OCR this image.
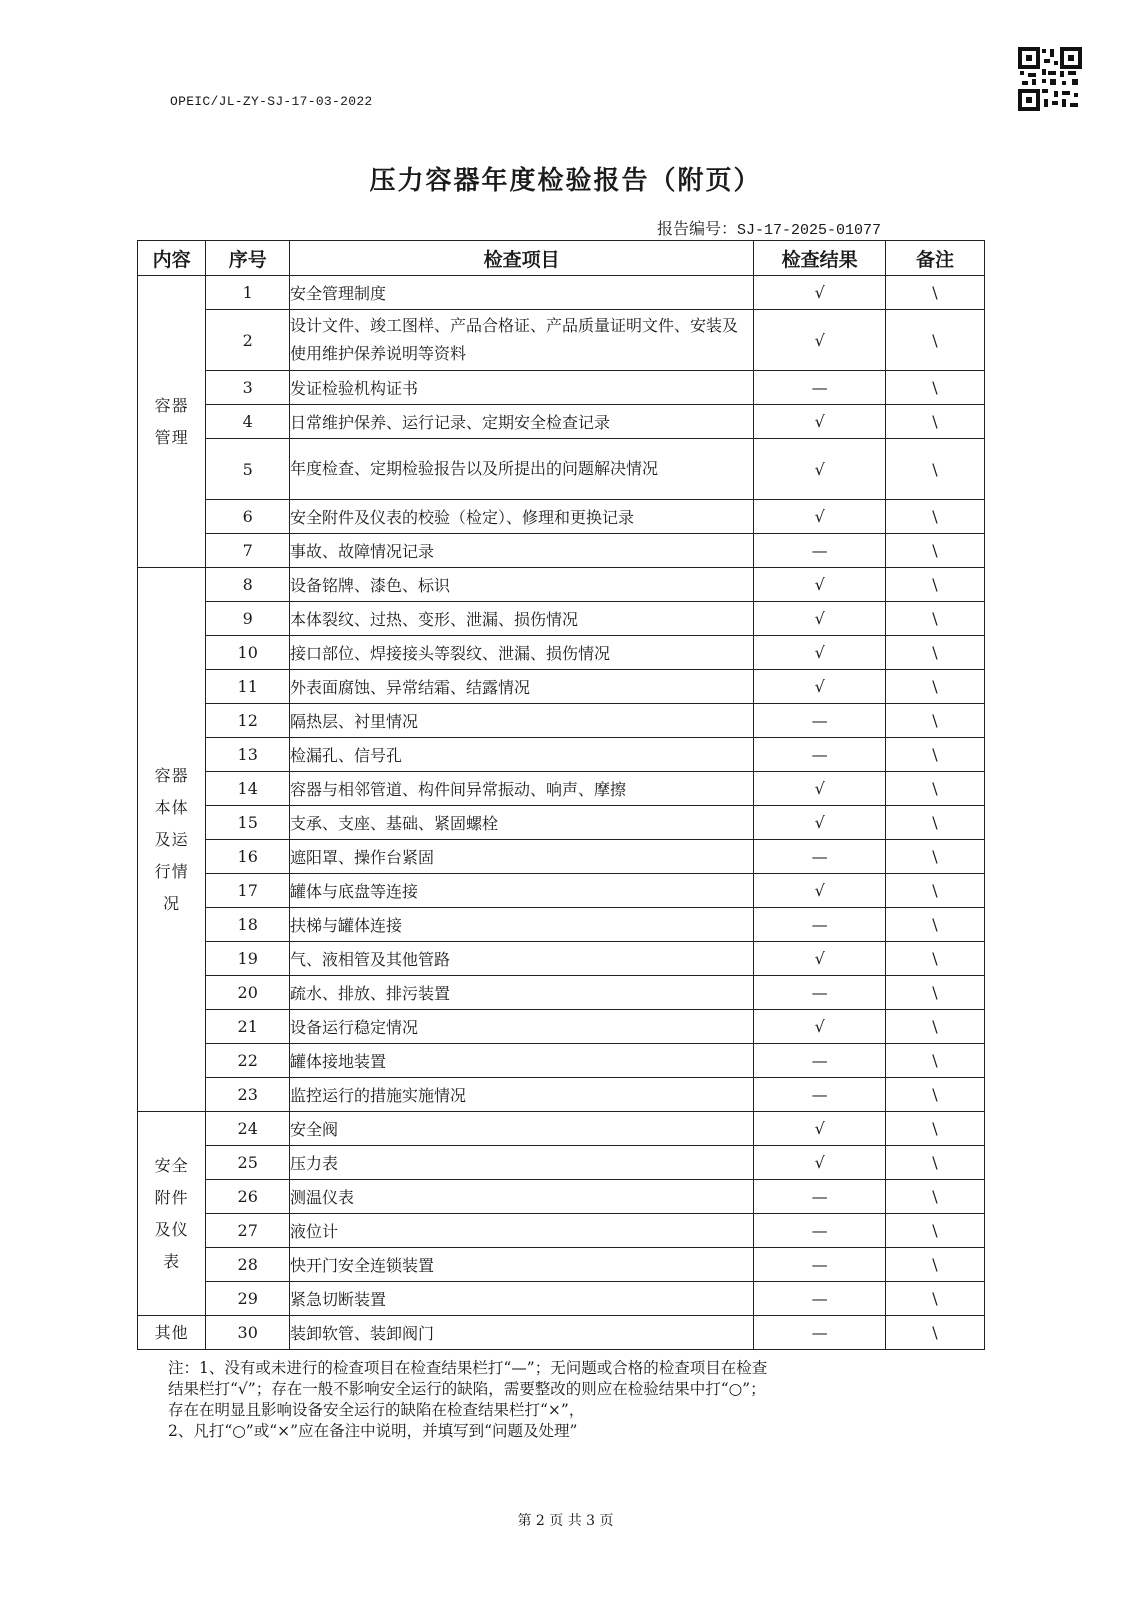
OPEIC/JL-ZY-SJ-17-03-2022
压力容器年度检验报告（附页）
报告编号：SJ-17-2025-01077
内容	序号	检查项目	检查结果	备注
容器
管理	1	安全管理制度	√	\
	2	设计文件、竣工图样、产品合格证、产品质量证明文件、安装及使用维护保养说明等资料	√	\
	3	发证检验机构证书	—	\
	4	日常维护保养、运行记录、定期安全检查记录	√	\
	5	年度检查、定期检验报告以及所提出的问题解决情况	√	\
	6	安全附件及仪表的校验（检定）、修理和更换记录	√	\
	7	事故、故障情况记录	—	\
容器
本体
及运
行情
况	8	设备铭牌、漆色、标识	√	\
	9	本体裂纹、过热、变形、泄漏、损伤情况	√	\
	10	接口部位、焊接接头等裂纹、泄漏、损伤情况	√	\
	11	外表面腐蚀、异常结霜、结露情况	√	\
	12	隔热层、衬里情况	—	\
	13	检漏孔、信号孔	—	\
	14	容器与相邻管道、构件间异常振动、响声、摩擦	√	\
	15	支承、支座、基础、紧固螺栓	√	\
	16	遮阳罩、操作台紧固	—	\
	17	罐体与底盘等连接	√	\
	18	扶梯与罐体连接	—	\
	19	气、液相管及其他管路	√	\
	20	疏水、排放、排污装置	—	\
	21	设备运行稳定情况	√	\
	22	罐体接地装置	—	\
	23	监控运行的措施实施情况	—	\
安全
附件
及仪
表	24	安全阀	√	\
	25	压力表	√	\
	26	测温仪表	—	\
	27	液位计	—	\
	28	快开门安全连锁装置	—	\
	29	紧急切断装置	—	\
其他	30	装卸软管、装卸阀门	—	\
注：1、没有或未进行的检查项目在检查结果栏打“—”；无问题或合格的检查项目在检查
结果栏打“√”；存在一般不影响安全运行的缺陷，需要整改的则应在检验结果中打“○”；
存在在明显且影响设备安全运行的缺陷在检查结果栏打“×”，
2、凡打“○”或“×”应在备注中说明，并填写到“问题及处理”
第 2 页 共 3 页
